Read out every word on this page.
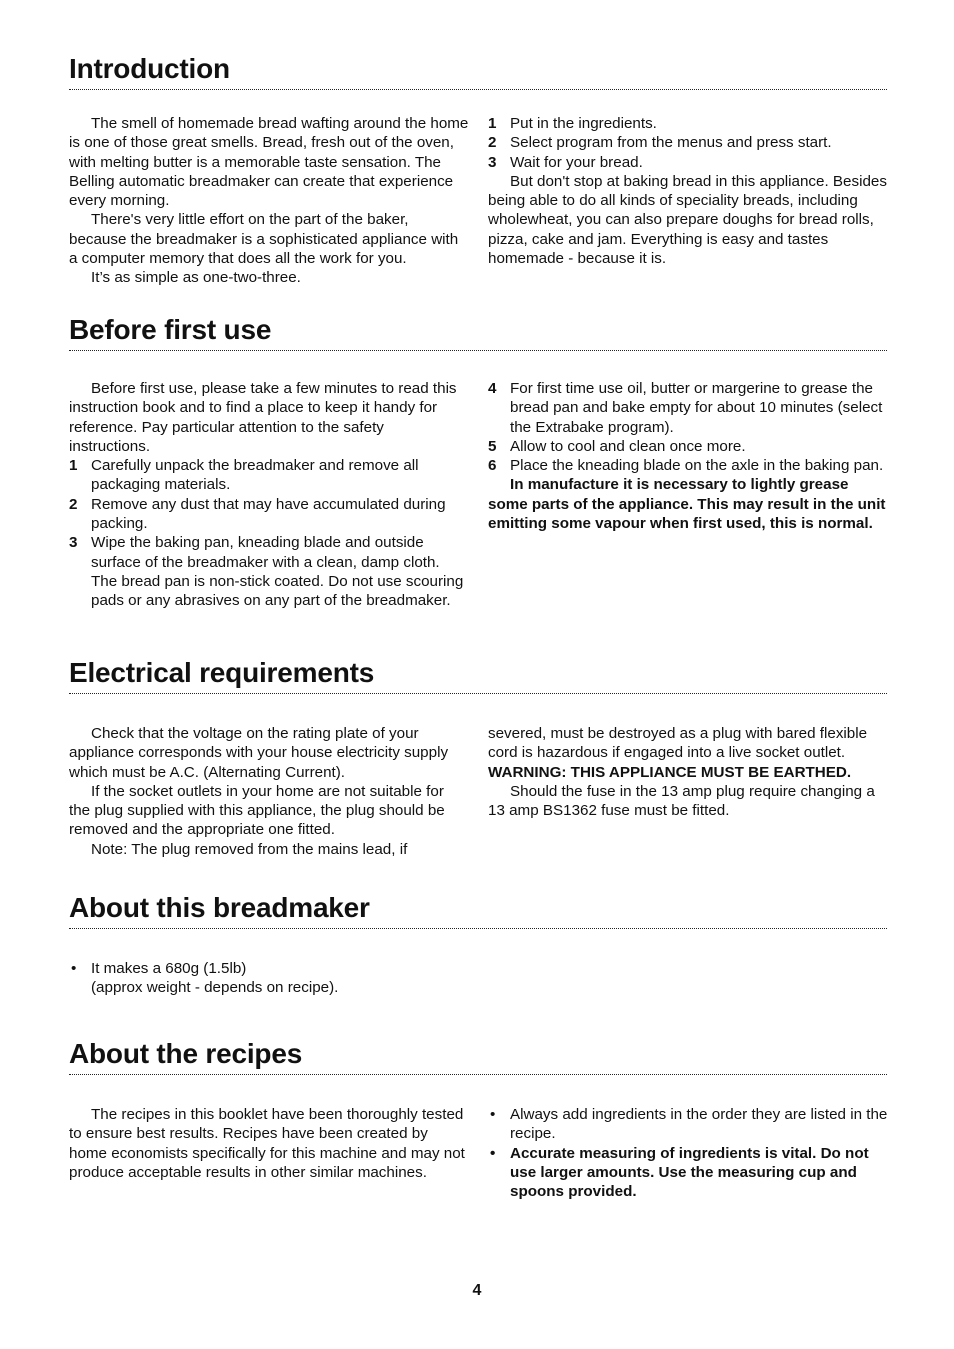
Introduction

The smell of homemade bread wafting around the home is one of those great smells. Bread, fresh out of the oven, with melting butter is a memorable taste sensation. The Belling automatic breadmaker can create that experience every morning.

There's very little effort on the part of the baker, because the breadmaker is a sophisticated appliance with a computer memory that does all the work for you.

It’s as simple as one-two-three.

1 Put in the ingredients.

2 Select program from the menus and press start.

3 Wait for your bread.

But don't stop at baking bread in this appliance. Besides being able to do all kinds of speciality breads, including wholewheat, you can also prepare doughs for bread rolls, pizza, cake and jam. Everything is easy and tastes homemade - because it is.

Before first use

Before first use, please take a few minutes to read this instruction book and to find a place to keep it handy for reference. Pay particular attention to the safety instructions.

1 Carefully unpack the breadmaker and remove all packaging materials.

2 Remove any dust that may have accumulated during packing.

3 Wipe the baking pan, kneading blade and outside surface of the breadmaker with a clean, damp cloth. The bread pan is non-stick coated. Do not use scouring pads or any abrasives on any part of the breadmaker.

4 For first time use oil, butter or margerine to grease the bread pan and bake empty for about 10 minutes (select the Extrabake program).

5 Allow to cool and clean once more.

6 Place the kneading blade on the axle in the baking pan.

In manufacture it is necessary to lightly grease some parts of the appliance. This may result in the unit emitting some vapour when first used, this is normal.

Electrical requirements

Check that the voltage on the rating plate of your appliance corresponds with your house electricity supply which must be A.C. (Alternating Current).

If the socket outlets in your home are not suitable for the plug supplied with this appliance, the plug should be removed and the appropriate one fitted.

Note: The plug removed from the mains lead, if

severed, must be destroyed as a plug with bared flexible cord is hazardous if engaged into a live socket outlet.

WARNING: THIS APPLIANCE MUST BE EARTHED.

Should the fuse in the 13 amp plug require changing a 13 amp BS1362 fuse must be fitted.

About this breadmaker

• It makes a 680g (1.5lb)
(approx weight - depends on recipe).

About the recipes

The recipes in this booklet have been thoroughly tested to ensure best results. Recipes have been created by home economists specifically for this machine and may not produce acceptable results in other similar machines.

• Always add ingredients in the order they are listed in the recipe.

• Accurate measuring of ingredients is vital. Do not use larger amounts. Use the measuring cup and spoons provided.

4
